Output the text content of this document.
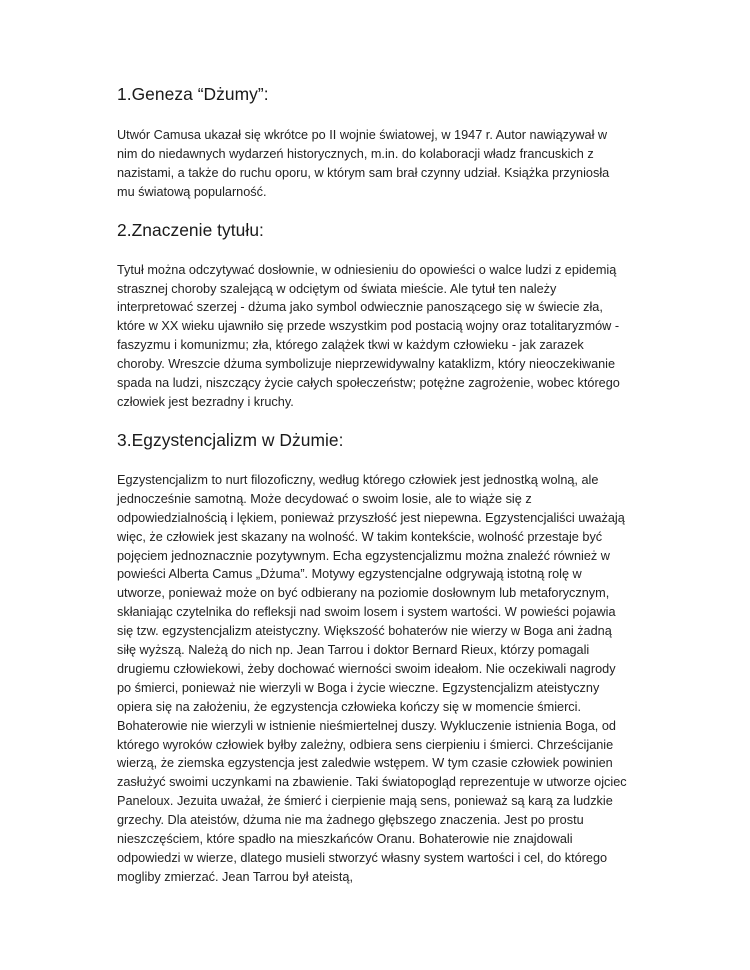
1.Geneza “Dżumy”:

Utwór Camusa ukazał się wkrótce po II wojnie światowej, w 1947 r. Autor nawiązywał w nim do niedawnych wydarzeń historycznych, m.in. do kolaboracji władz francuskich z nazistami, a także do ruchu oporu, w którym sam brał czynny udział. Książka przyniosła mu światową popularność.

2.Znaczenie tytułu:

Tytuł można odczytywać dosłownie, w odniesieniu do opowieści o walce ludzi z epidemią strasznej choroby szalejącą w odciętym od świata mieście. Ale tytuł ten należy interpretować szerzej - dżuma jako symbol odwiecznie panoszącego się w świecie zła, które w XX wieku ujawniło się przede wszystkim pod postacią wojny oraz totalitaryzmów - faszyzmu i komunizmu; zła, którego zalążek tkwi w każdym człowieku - jak zarazek choroby. Wreszcie dżuma symbolizuje nieprzewidywalny kataklizm, który nieoczekiwanie spada na ludzi, niszczący życie całych społeczeństw; potężne zagrożenie, wobec którego człowiek jest bezradny i kruchy.

3.Egzystencjalizm w Dżumie:

Egzystencjalizm to nurt filozoficzny, według którego człowiek jest jednostką wolną, ale jednocześnie samotną. Może decydować o swoim losie, ale to wiąże się z odpowiedzialnością i lękiem, ponieważ przyszłość jest niepewna. Egzystencjaliści uważają więc, że człowiek jest skazany na wolność. W takim kontekście, wolność przestaje być pojęciem jednoznacznie pozytywnym. Echa egzystencjalizmu można znaleźć również w powieści Alberta Camus „Dżuma”. Motywy egzystencjalne odgrywają istotną rolę w utworze, ponieważ może on być odbierany na poziomie dosłownym lub metaforycznym, skłaniając czytelnika do refleksji nad swoim losem i system wartości. W powieści pojawia się tzw. egzystencjalizm ateistyczny. Większość bohaterów nie wierzy w Boga ani żadną siłę wyższą. Należą do nich np. Jean Tarrou i doktor Bernard Rieux, którzy pomagali drugiemu człowiekowi, żeby dochować wierności swoim ideałom. Nie oczekiwali nagrody po śmierci, ponieważ nie wierzyli w Boga i życie wieczne. Egzystencjalizm ateistyczny opiera się na założeniu, że egzystencja człowieka kończy się w momencie śmierci. Bohaterowie nie wierzyli w istnienie nieśmiertelnej duszy. Wykluczenie istnienia Boga, od którego wyroków człowiek byłby zależny, odbiera sens cierpieniu i śmierci. Chrześcijanie wierzą, że ziemska egzystencja jest zaledwie wstępem. W tym czasie człowiek powinien zasłużyć swoimi uczynkami na zbawienie. Taki światopogląd reprezentuje w utworze ojciec Paneloux. Jezuita uważał, że śmierć i cierpienie mają sens, ponieważ są karą za ludzkie grzechy. Dla ateistów, dżuma nie ma żadnego głębszego znaczenia. Jest po prostu nieszczęściem, które spadło na mieszkańców Oranu. Bohaterowie nie znajdowali odpowiedzi w wierze, dlatego musieli stworzyć własny system wartości i cel, do którego mogliby zmierzać. Jean Tarrou był ateistą,
